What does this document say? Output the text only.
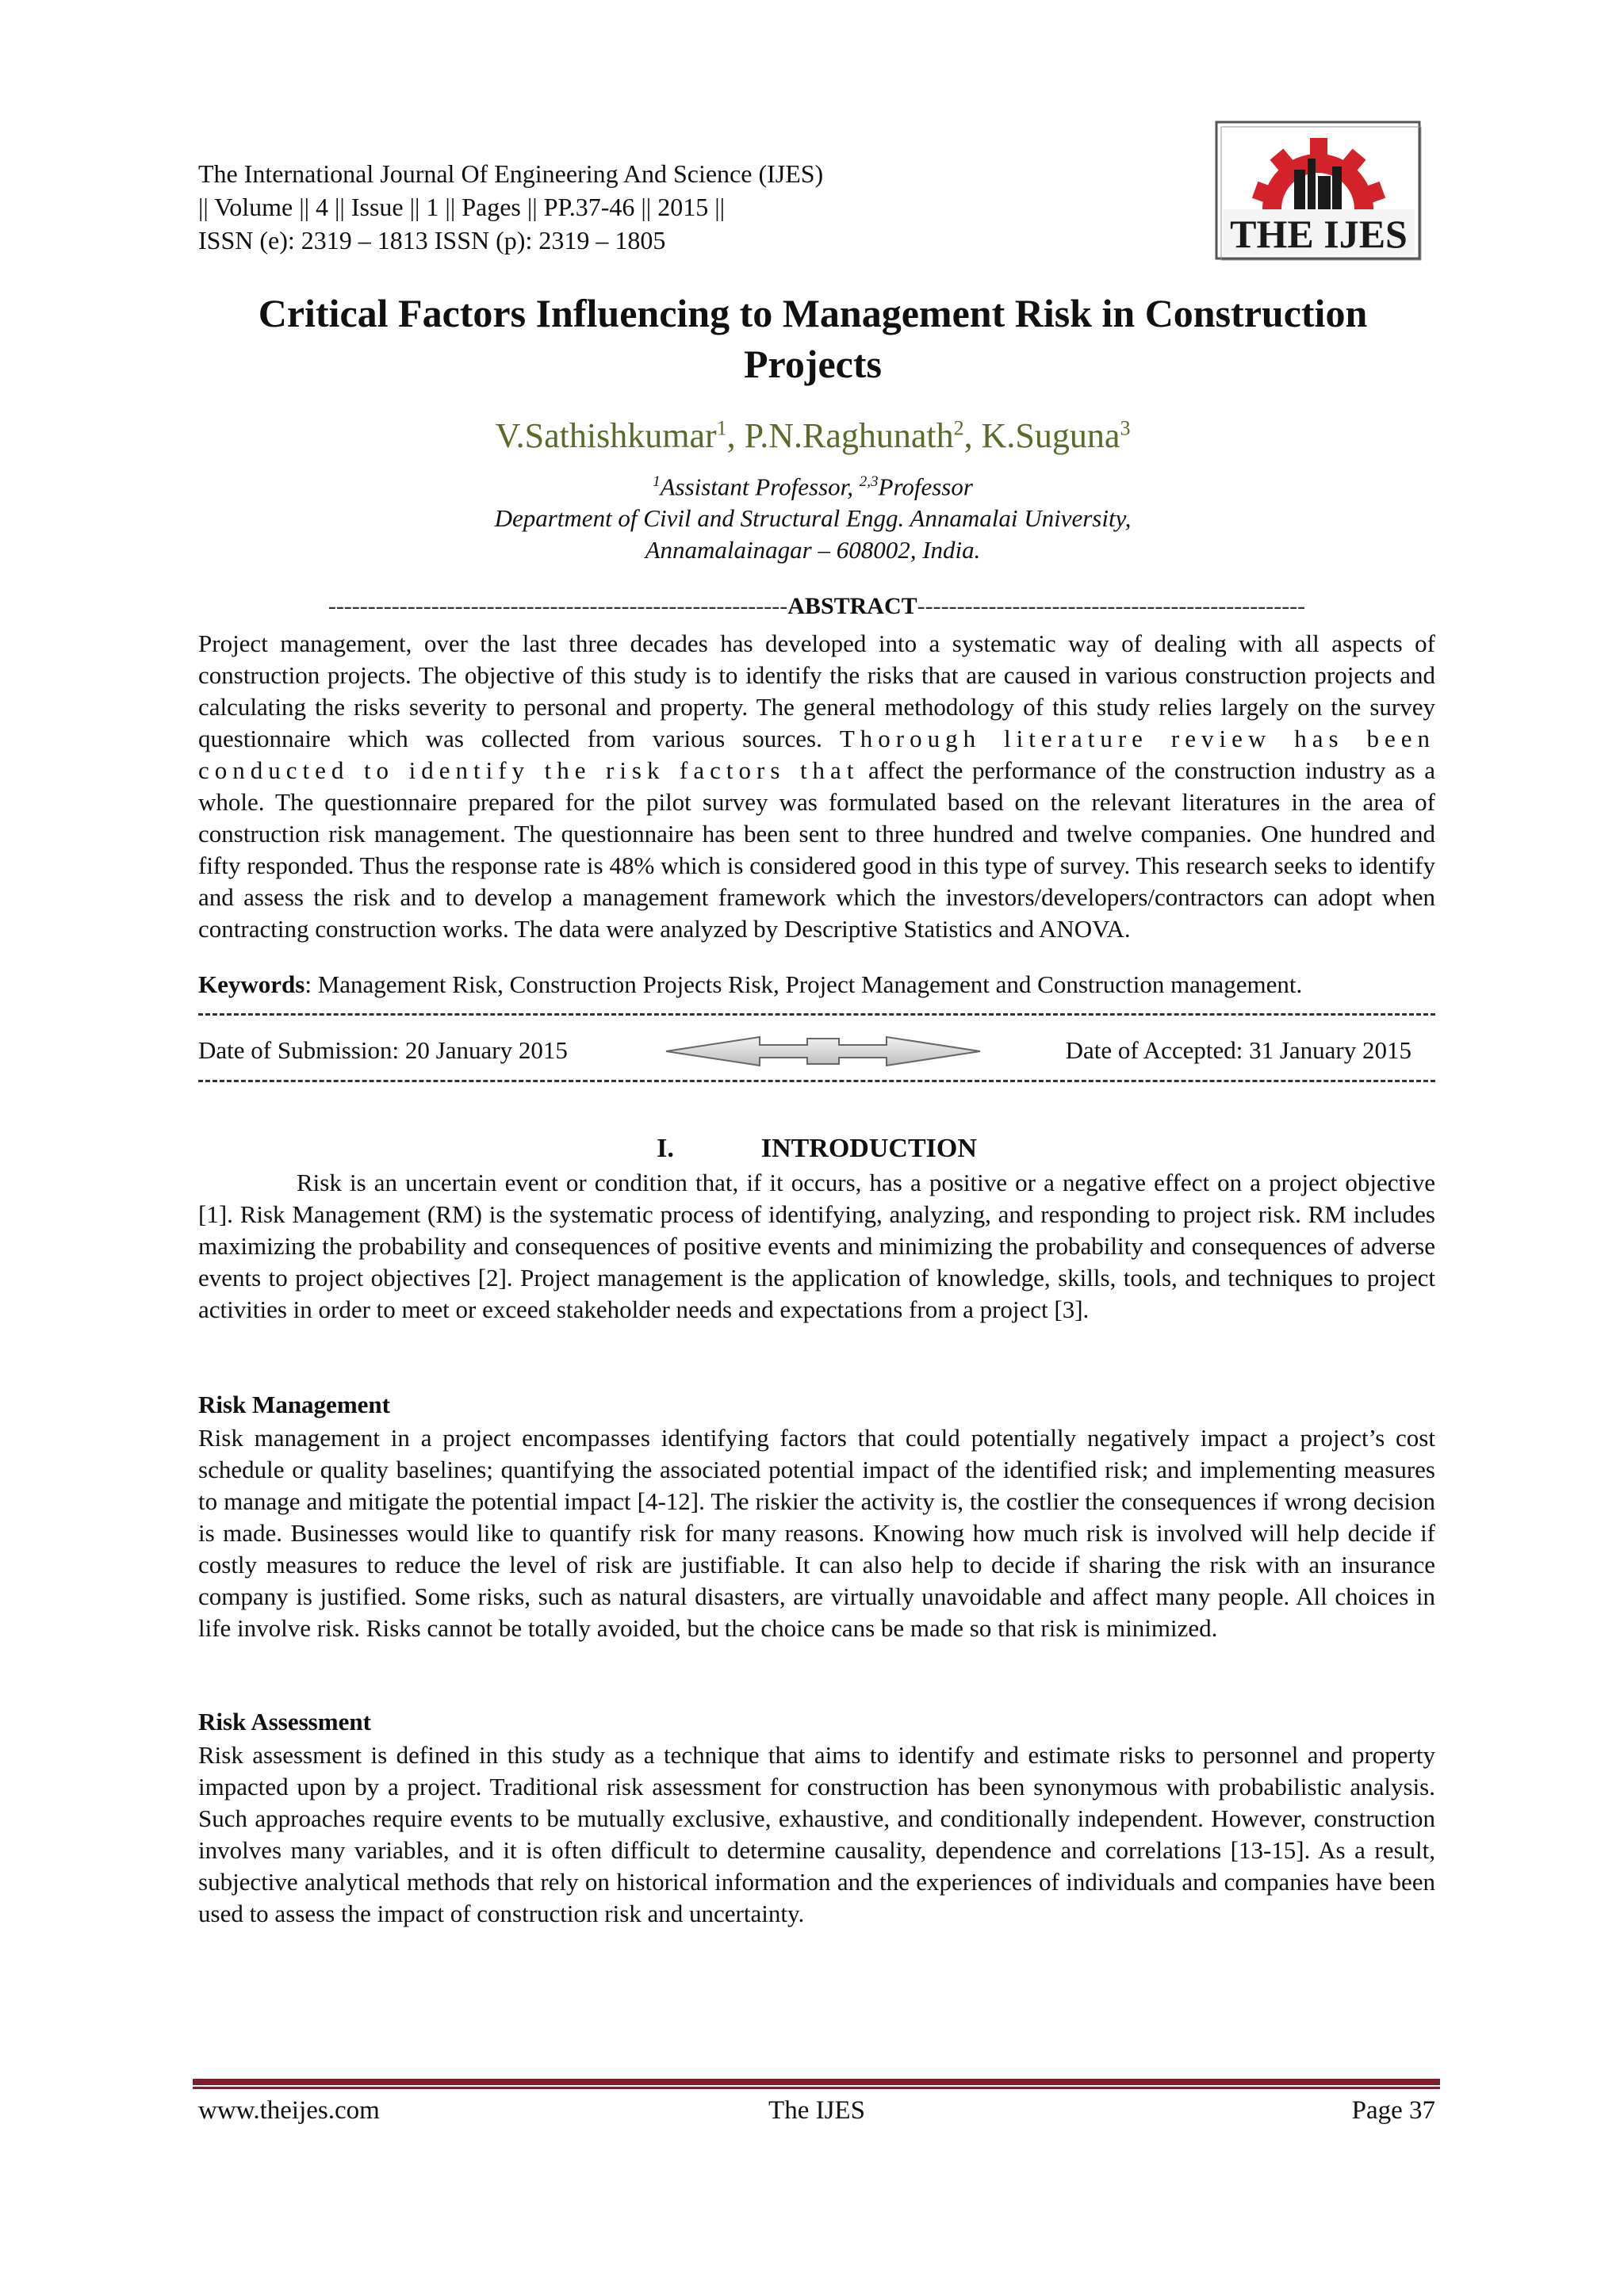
The International Journal Of Engineering And Science (IJES)
|| Volume || 4 || Issue || 1 || Pages || PP.37-46 || 2015 ||
ISSN (e): 2319 – 1813 ISSN (p): 2319 – 1805	THE IJES
Critical Factors Influencing to Management Risk in Construction
Projects
V.Sathishkumar$^1$, P.N.Raghunath$^2$, K.Suguna$^3$
$^1$Assistant Professor, $^{2,3}$Professor
Department of Civil and Structural Engg. Annamalai University,
Annamalainagar – 608002, India.
----------------------------------------------------------ABSTRACT-------------------------------------------------
Project management, over the last three decades has developed into a systematic way of dealing with all aspects of construction projects. The objective of this study is to identify the risks that are caused in various construction projects and calculating the risks severity to personal and property. The general methodology of this study relies largely on the survey questionnaire which was collected from various sources. Thorough literature review has been conducted to identify the risk factors that affect the performance of the construction industry as a whole. The questionnaire prepared for the pilot survey was formulated based on the relevant literatures in the area of construction risk management. The questionnaire has been sent to three hundred and twelve companies. One hundred and fifty responded. Thus the response rate is 48% which is considered good in this type of survey. This research seeks to identify and assess the risk and to develop a management framework which the investors/developers/contractors can adopt when contracting construction works. The data were analyzed by Descriptive Statistics and ANOVA.
Keywords: Management Risk, Construction Projects Risk, Project Management and Construction management.
Date of Submission: 20 January 2015	Date of Accepted: 31 January 2015
I.	INTRODUCTION
Risk is an uncertain event or condition that, if it occurs, has a positive or a negative effect on a project objective [1]. Risk Management (RM) is the systematic process of identifying, analyzing, and responding to project risk. RM includes maximizing the probability and consequences of positive events and minimizing the probability and consequences of adverse events to project objectives [2]. Project management is the application of knowledge, skills, tools, and techniques to project activities in order to meet or exceed stakeholder needs and expectations from a project [3].
Risk Management
Risk management in a project encompasses identifying factors that could potentially negatively impact a project’s cost schedule or quality baselines; quantifying the associated potential impact of the identified risk; and implementing measures to manage and mitigate the potential impact [4-12]. The riskier the activity is, the costlier the consequences if wrong decision is made. Businesses would like to quantify risk for many reasons. Knowing how much risk is involved will help decide if costly measures to reduce the level of risk are justifiable. It can also help to decide if sharing the risk with an insurance company is justified. Some risks, such as natural disasters, are virtually unavoidable and affect many people. All choices in life involve risk. Risks cannot be totally avoided, but the choice cans be made so that risk is minimized.
Risk Assessment
Risk assessment is defined in this study as a technique that aims to identify and estimate risks to personnel and property impacted upon by a project. Traditional risk assessment for construction has been synonymous with probabilistic analysis. Such approaches require events to be mutually exclusive, exhaustive, and conditionally independent. However, construction involves many variables, and it is often difficult to determine causality, dependence and correlations [13-15]. As a result, subjective analytical methods that rely on historical information and the experiences of individuals and companies have been used to assess the impact of construction risk and uncertainty.
www.theijes.com	The IJES	Page 37
